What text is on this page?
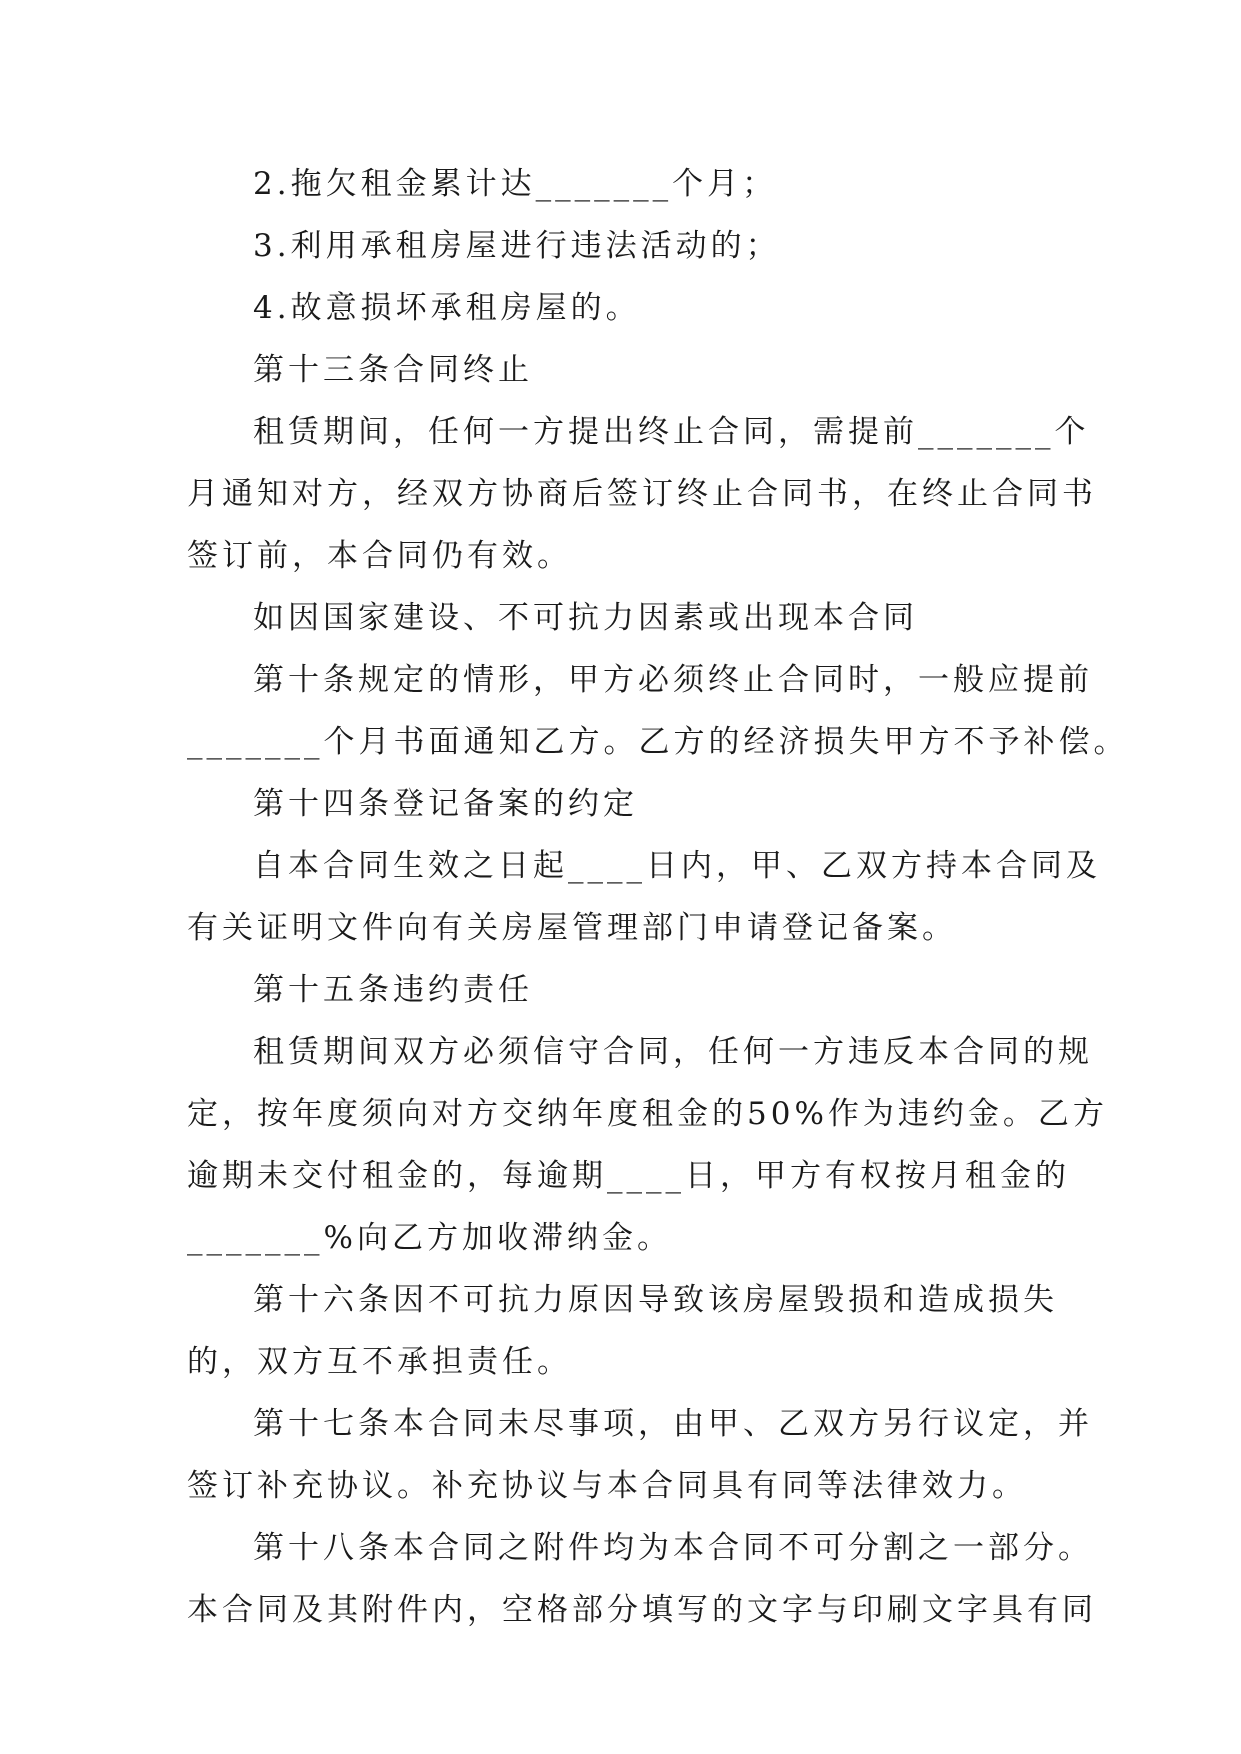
2.拖欠租金累计达_______个月；

3.利用承租房屋进行违法活动的；

4.故意损坏承租房屋的。

第十三条合同终止

租赁期间，任何一方提出终止合同，需提前_______个

月通知对方，经双方协商后签订终止合同书，在终止合同书

签订前，本合同仍有效。

如因国家建设、不可抗力因素或出现本合同

第十条规定的情形，甲方必须终止合同时，一般应提前

_______个月书面通知乙方。乙方的经济损失甲方不予补偿。

第十四条登记备案的约定

自本合同生效之日起____日内，甲、乙双方持本合同及

有关证明文件向有关房屋管理部门申请登记备案。

第十五条违约责任

租赁期间双方必须信守合同，任何一方违反本合同的规

定，按年度须向对方交纳年度租金的50%作为违约金。乙方

逾期未交付租金的，每逾期____日，甲方有权按月租金的

_______%向乙方加收滞纳金。

第十六条因不可抗力原因导致该房屋毁损和造成损失

的，双方互不承担责任。

第十七条本合同未尽事项，由甲、乙双方另行议定，并

签订补充协议。补充协议与本合同具有同等法律效力。

第十八条本合同之附件均为本合同不可分割之一部分。

本合同及其附件内，空格部分填写的文字与印刷文字具有同
